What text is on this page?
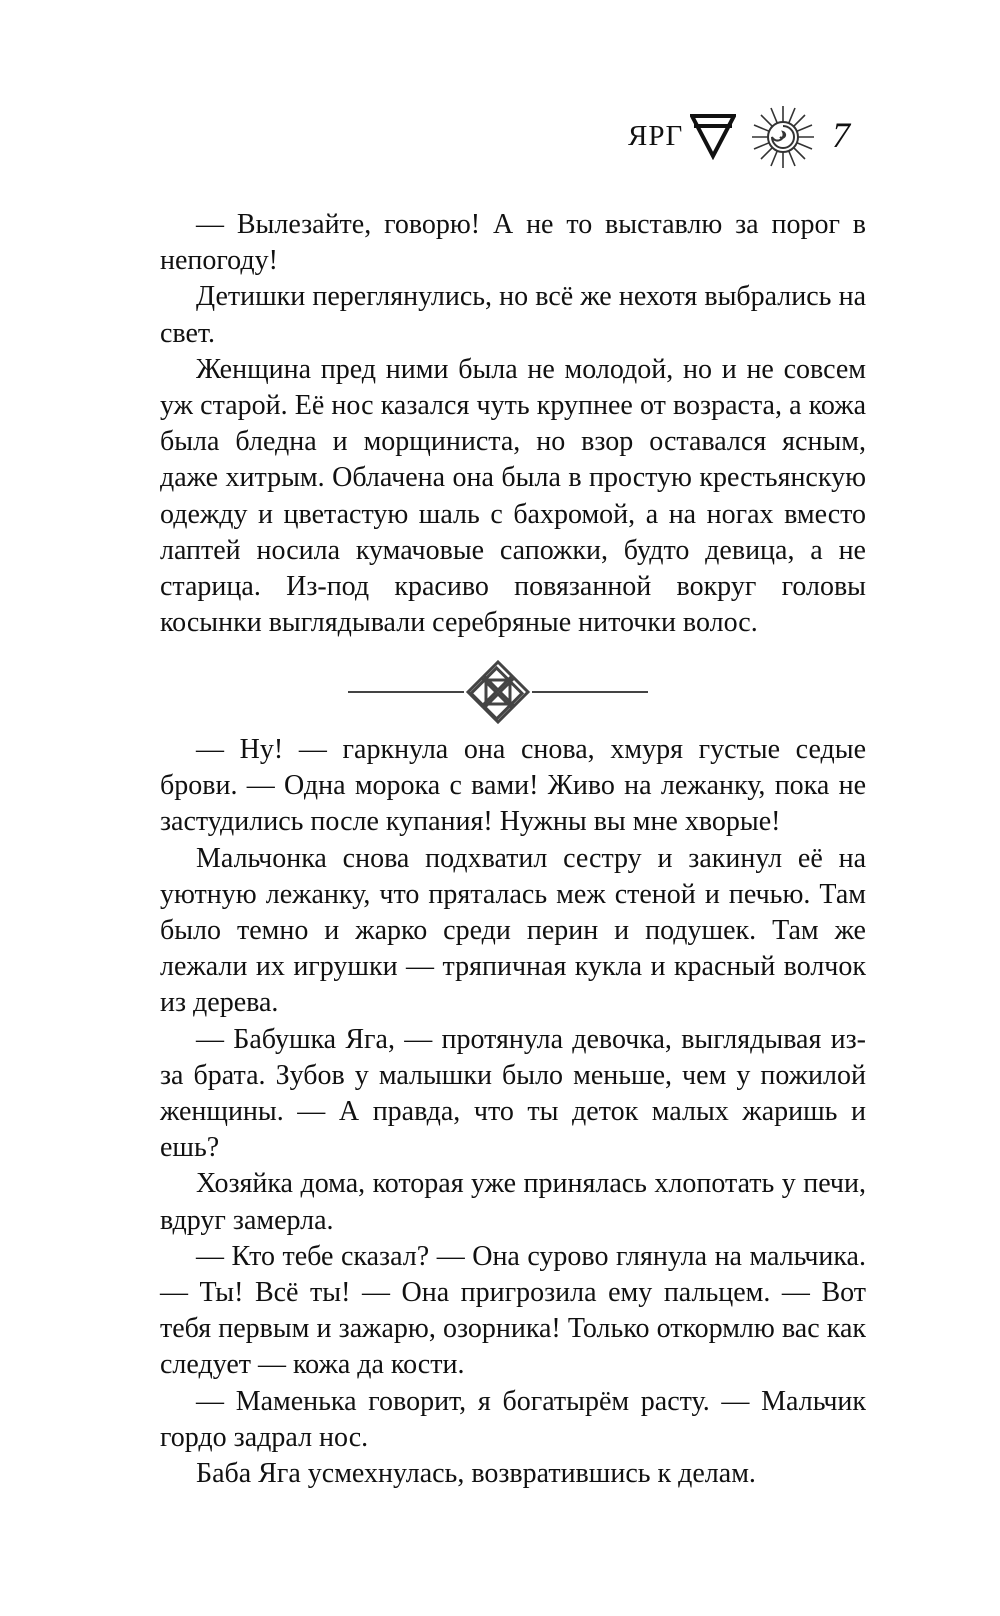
ЯРГ	7

— Вылезайте, говорю! А не то выставлю за порог в непогоду!

Детишки переглянулись, но всё же нехотя выбрались на свет.

Женщина пред ними была не молодой, но и не совсем уж старой. Её нос казался чуть крупнее от возраста, а кожа была бледна и морщиниста, но взор оставался ясным, даже хитрым. Облачена она была в простую крестьянскую одежду и цветастую шаль с бахромой, а на ногах вместо лаптей носила кумачовые сапожки, будто девица, а не старица. Из-под красиво повязанной вокруг головы косынки выглядывали серебряные ниточки волос.

— Ну! — гаркнула она снова, хмуря густые седые брови. — Одна морока с вами! Живо на лежанку, пока не застудились после купания! Нужны вы мне хворые!

Мальчонка снова подхватил сестру и закинул её на уютную лежанку, что пряталась меж стеной и печью. Там было темно и жарко среди перин и подушек. Там же лежали их игрушки — тряпичная кукла и красный волчок из дерева.

— Бабушка Яга, — протянула девочка, выглядывая из-за брата. Зубов у малышки было меньше, чем у пожилой женщины. — А правда, что ты деток малых жаришь и ешь?

Хозяйка дома, которая уже принялась хлопотать у печи, вдруг замерла.

— Кто тебе сказал? — Она сурово глянула на мальчика. — Ты! Всё ты! — Она пригрозила ему пальцем. — Вот тебя первым и зажарю, озорника! Только откормлю вас как следует — кожа да кости.

— Маменька говорит, я богатырём расту. — Мальчик гордо задрал нос.

Баба Яга усмехнулась, возвратившись к делам.
